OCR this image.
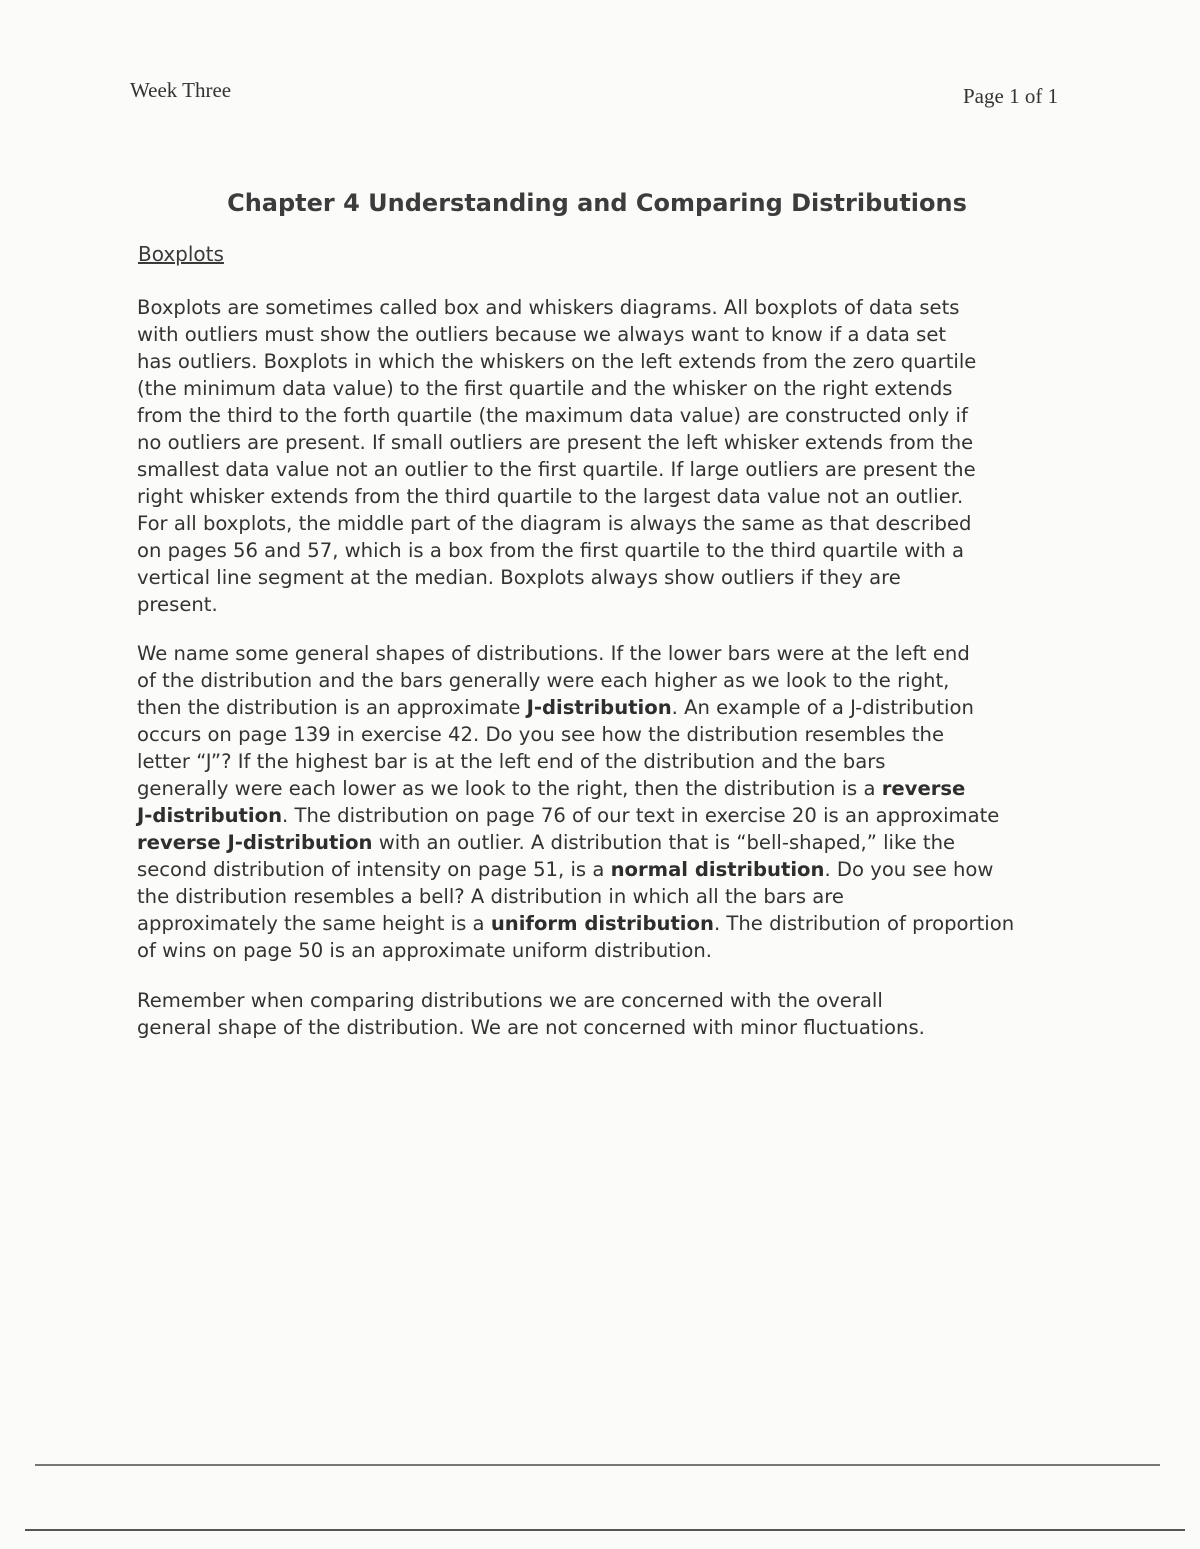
Week Three	Page 1 of 1
Chapter 4 Understanding and Comparing Distributions
Boxplots
Boxplots are sometimes called box and whiskers diagrams. All boxplots of data sets
with outliers must show the outliers because we always want to know if a data set
has outliers. Boxplots in which the whiskers on the left extends from the zero quartile
(the minimum data value) to the first quartile and the whisker on the right extends
from the third to the forth quartile (the maximum data value) are constructed only if
no outliers are present. If small outliers are present the left whisker extends from the
smallest data value not an outlier to the first quartile. If large outliers are present the
right whisker extends from the third quartile to the largest data value not an outlier.
For all boxplots, the middle part of the diagram is always the same as that described
on pages 56 and 57, which is a box from the first quartile to the third quartile with a
vertical line segment at the median. Boxplots always show outliers if they are
present.
We name some general shapes of distributions. If the lower bars were at the left end
of the distribution and the bars generally were each higher as we look to the right,
then the distribution is an approximate J-distribution. An example of a J-distribution
occurs on page 139 in exercise 42. Do you see how the distribution resembles the
letter “J”? If the highest bar is at the left end of the distribution and the bars
generally were each lower as we look to the right, then the distribution is a reverse
J-distribution. The distribution on page 76 of our text in exercise 20 is an approximate
reverse J-distribution with an outlier. A distribution that is “bell-shaped,” like the
second distribution of intensity on page 51, is a normal distribution. Do you see how
the distribution resembles a bell? A distribution in which all the bars are
approximately the same height is a uniform distribution. The distribution of proportion
of wins on page 50 is an approximate uniform distribution.
Remember when comparing distributions we are concerned with the overall
general shape of the distribution. We are not concerned with minor fluctuations.
